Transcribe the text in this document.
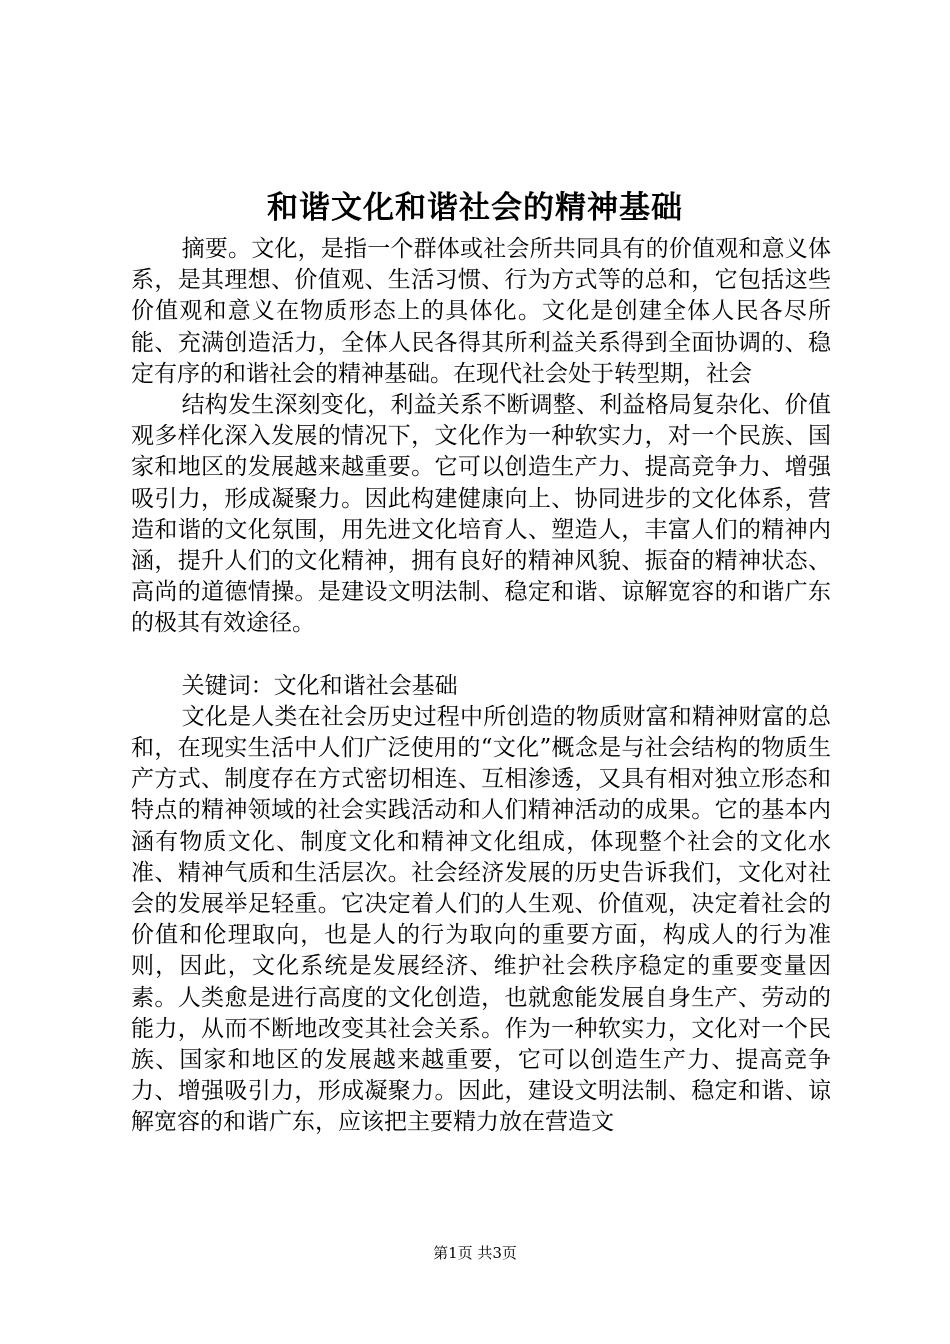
和谐文化和谐社会的精神基础

摘要。文化，是指一个群体或社会所共同具有的价值观和意义体系，是其理想、价值观、生活习惯、行为方式等的总和，它包括这些价值观和意义在物质形态上的具体化。文化是创建全体人民各尽所能、充满创造活力，全体人民各得其所利益关系得到全面协调的、稳定有序的和谐社会的精神基础。在现代社会处于转型期，社会

结构发生深刻变化，利益关系不断调整、利益格局复杂化、价值观多样化深入发展的情况下，文化作为一种软实力，对一个民族、国家和地区的发展越来越重要。它可以创造生产力、提高竞争力、增强吸引力，形成凝聚力。因此构建健康向上、协同进步的文化体系，营造和谐的文化氛围，用先进文化培育人、塑造人，丰富人们的精神内涵，提升人们的文化精神，拥有良好的精神风貌、振奋的精神状态、高尚的道德情操。是建设文明法制、稳定和谐、谅解宽容的和谐广东的极其有效途径。

关键词：文化和谐社会基础

文化是人类在社会历史过程中所创造的物质财富和精神财富的总和，在现实生活中人们广泛使用的“文化”概念是与社会结构的物质生产方式、制度存在方式密切相连、互相渗透，又具有相对独立形态和特点的精神领域的社会实践活动和人们精神活动的成果。它的基本内涵有物质文化、制度文化和精神文化组成，体现整个社会的文化水准、精神气质和生活层次。社会经济发展的历史告诉我们，文化对社会的发展举足轻重。它决定着人们的人生观、价值观，决定着社会的价值和伦理取向，也是人的行为取向的重要方面，构成人的行为准则，因此，文化系统是发展经济、维护社会秩序稳定的重要变量因素。人类愈是进行高度的文化创造，也就愈能发展自身生产、劳动的能力，从而不断地改变其社会关系。作为一种软实力，文化对一个民族、国家和地区的发展越来越重要，它可以创造生产力、提高竞争力、增强吸引力，形成凝聚力。因此，建设文明法制、稳定和谐、谅解宽容的和谐广东，应该把主要精力放在营造文

第1页 共3页
